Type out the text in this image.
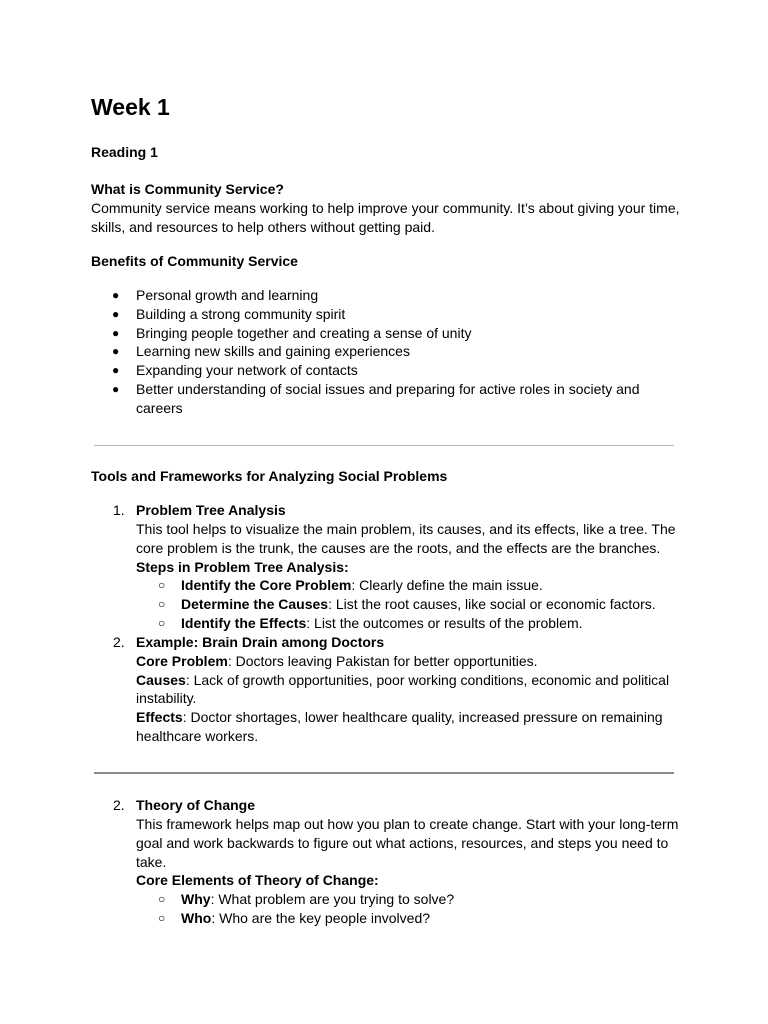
Week 1
Reading 1
What is Community Service?
Community service means working to help improve your community. It’s about giving your time,
skills, and resources to help others without getting paid.
Benefits of Community Service
● Personal growth and learning
● Building a strong community spirit
● Bringing people together and creating a sense of unity
● Learning new skills and gaining experiences
● Expanding your network of contacts
● Better understanding of social issues and preparing for active roles in society and
careers
Tools and Frameworks for Analyzing Social Problems
1. Problem Tree Analysis
This tool helps to visualize the main problem, its causes, and its effects, like a tree. The
core problem is the trunk, the causes are the roots, and the effects are the branches.
Steps in Problem Tree Analysis:
○ Identify the Core Problem: Clearly define the main issue.
○ Determine the Causes: List the root causes, like social or economic factors.
○ Identify the Effects: List the outcomes or results of the problem.
2. Example: Brain Drain among Doctors
Core Problem: Doctors leaving Pakistan for better opportunities.
Causes: Lack of growth opportunities, poor working conditions, economic and political
instability.
Effects: Doctor shortages, lower healthcare quality, increased pressure on remaining
healthcare workers.
2. Theory of Change
This framework helps map out how you plan to create change. Start with your long-term
goal and work backwards to figure out what actions, resources, and steps you need to
take.
Core Elements of Theory of Change:
○ Why: What problem are you trying to solve?
○ Who: Who are the key people involved?
